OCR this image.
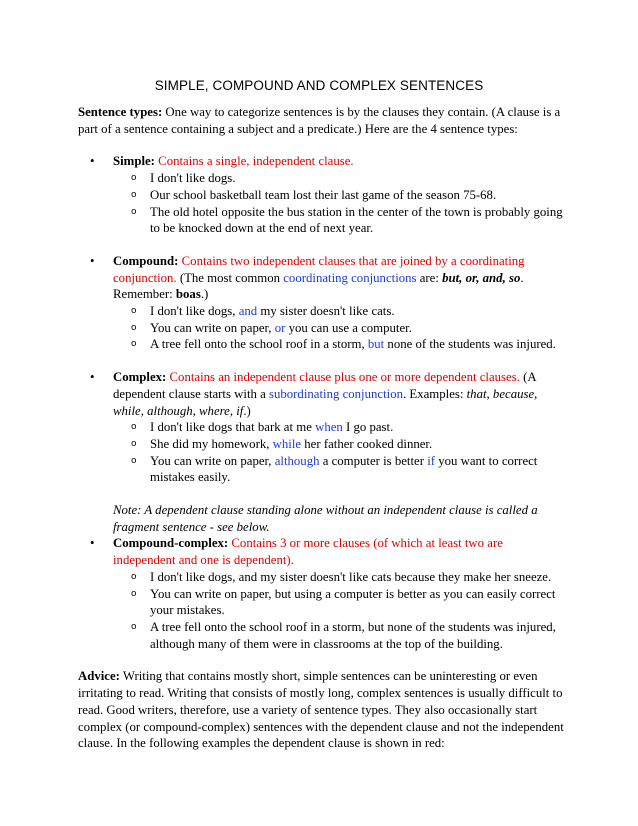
SIMPLE, COMPOUND AND COMPLEX SENTENCES

Sentence types: One way to categorize sentences is by the clauses they contain. (A clause is a part of a sentence containing a subject and a predicate.) Here are the 4 sentence types:

• Simple: Contains a single, independent clause.
o I don't like dogs.
o Our school basketball team lost their last game of the season 75-68.
o The old hotel opposite the bus station in the center of the town is probably going to be knocked down at the end of next year.
• Compound: Contains two independent clauses that are joined by a coordinating conjunction. (The most common coordinating conjunctions are: but, or, and, so.
Remember: boas.)
o I don't like dogs, and my sister doesn't like cats.
o You can write on paper, or you can use a computer.
o A tree fell onto the school roof in a storm, but none of the students was injured.
• Complex: Contains an independent clause plus one or more dependent clauses. (A dependent clause starts with a subordinating conjunction. Examples: that, because, while, although, where, if.)
o I don't like dogs that bark at me when I go past.
o She did my homework, while her father cooked dinner.
o You can write on paper, although a computer is better if you want to correct mistakes easily.

Note: A dependent clause standing alone without an independent clause is called a fragment sentence - see below.

• Compound-complex: Contains 3 or more clauses (of which at least two are independent and one is dependent).
o I don't like dogs, and my sister doesn't like cats because they make her sneeze.
o You can write on paper, but using a computer is better as you can easily correct your mistakes.
o A tree fell onto the school roof in a storm, but none of the students was injured, although many of them were in classrooms at the top of the building.

Advice: Writing that contains mostly short, simple sentences can be uninteresting or even irritating to read. Writing that consists of mostly long, complex sentences is usually difficult to read. Good writers, therefore, use a variety of sentence types. They also occasionally start complex (or compound-complex) sentences with the dependent clause and not the independent clause. In the following examples the dependent clause is shown in red:
